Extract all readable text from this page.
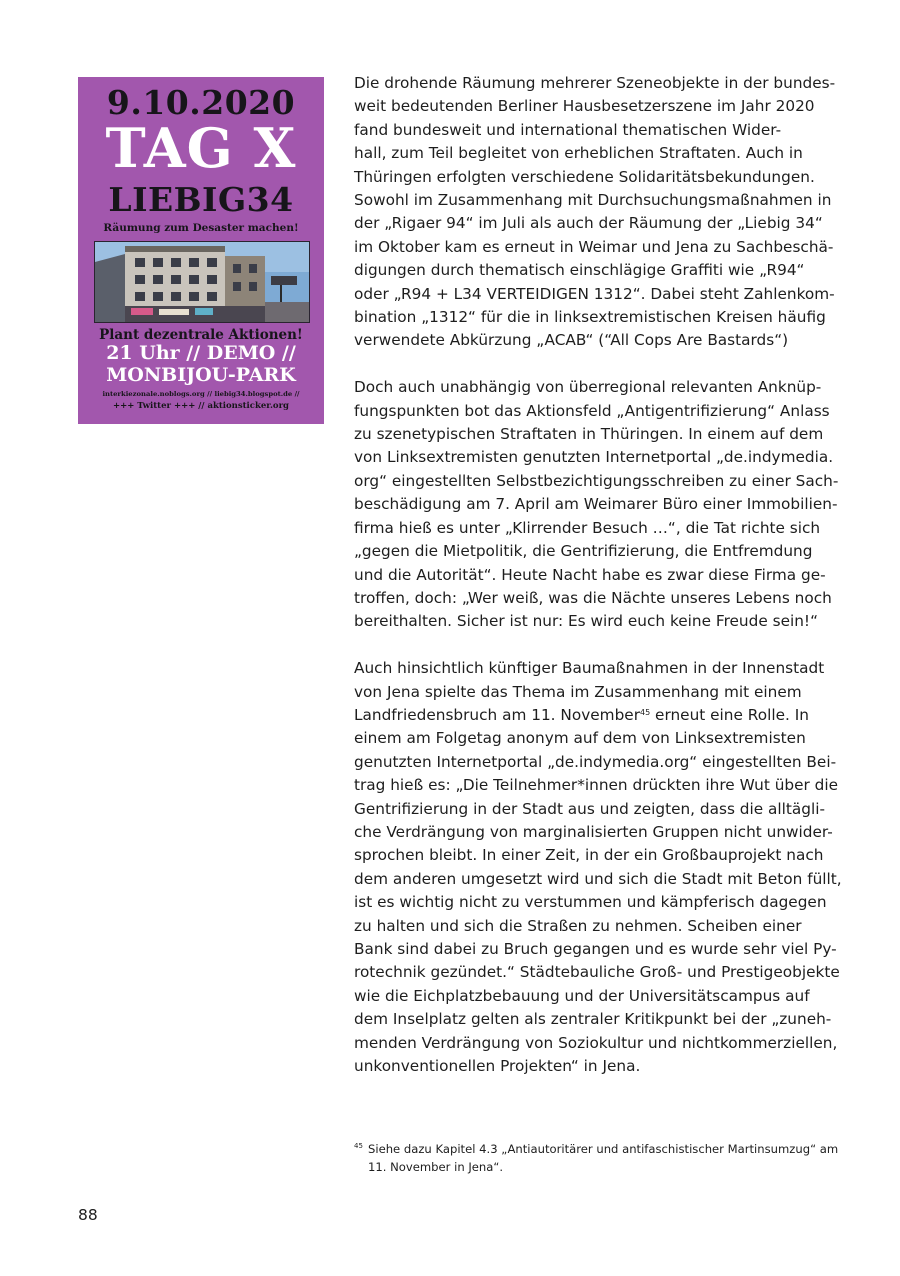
9.10.2020
TAG X
LIEBIG34
Räumung zum Desaster machen!
Plant dezentrale Aktionen!
21 Uhr // DEMO //
MONBIJOU-PARK
interkiezonale.noblogs.org // liebig34.blogspot.de //
+++ Twitter +++ // aktionsticker.org

Die drohende Räumung mehrerer Szeneobjekte in der bundes-
weit bedeutenden Berliner Hausbesetzerszene im Jahr 2020
fand bundesweit und international thematischen Wider-
hall, zum Teil begleitet von erheblichen Straftaten. Auch in
Thüringen erfolgten verschiedene Solidaritätsbekundungen.
Sowohl im Zusammenhang mit Durchsuchungsmaßnahmen in
der „Rigaer 94“ im Juli als auch der Räumung der „Liebig 34“
im Oktober kam es erneut in Weimar und Jena zu Sachbeschä-
digungen durch thematisch einschlägige Graffiti wie „R94“
oder „R94 + L34 VERTEIDIGEN 1312“. Dabei steht Zahlenkom-
bination „1312“ für die in linksextremistischen Kreisen häufig
verwendete Abkürzung „ACAB“ (“All Cops Are Bastards“)

Doch auch unabhängig von überregional relevanten Anknüp-
fungspunkten bot das Aktionsfeld „Antigentrifizierung“ Anlass
zu szenetypischen Straftaten in Thüringen. In einem auf dem
von Linksextremisten genutzten Internetportal „de.indymedia.
org“ eingestellten Selbstbezichtigungsschreiben zu einer Sach-
beschädigung am 7. April am Weimarer Büro einer Immobilien-
firma hieß es unter „Klirrender Besuch …“, die Tat richte sich
„gegen die Mietpolitik, die Gentrifizierung, die Entfremdung
und die Autorität“. Heute Nacht habe es zwar diese Firma ge-
troffen, doch: „Wer weiß, was die Nächte unseres Lebens noch
bereithalten. Sicher ist nur: Es wird euch keine Freude sein!“

Auch hinsichtlich künftiger Baumaßnahmen in der Innenstadt
von Jena spielte das Thema im Zusammenhang mit einem
Landfriedensbruch am 11. November$^{45}$ erneut eine Rolle. In
einem am Folgetag anonym auf dem von Linksextremisten
genutzten Internetportal „de.indymedia.org“ eingestellten Bei-
trag hieß es: „Die Teilnehmer*innen drückten ihre Wut über die
Gentrifizierung in der Stadt aus und zeigten, dass die alltägli-
che Verdrängung von marginalisierten Gruppen nicht unwider-
sprochen bleibt. In einer Zeit, in der ein Großbauprojekt nach
dem anderen umgesetzt wird und sich die Stadt mit Beton füllt,
ist es wichtig nicht zu verstummen und kämpferisch dagegen
zu halten und sich die Straßen zu nehmen. Scheiben einer
Bank sind dabei zu Bruch gegangen und es wurde sehr viel Py-
rotechnik gezündet.“ Städtebauliche Groß- und Prestigeobjekte
wie die Eichplatzbebauung und der Universitätscampus auf
dem Inselplatz gelten als zentraler Kritikpunkt bei der „zuneh-
menden Verdrängung von Soziokultur und nichtkommerziellen,
unkonventionellen Projekten“ in Jena.

45 Siehe dazu Kapitel 4.3 „Antiautoritärer und antifaschistischer Martinsumzug“ am
11. November in Jena“.
88
